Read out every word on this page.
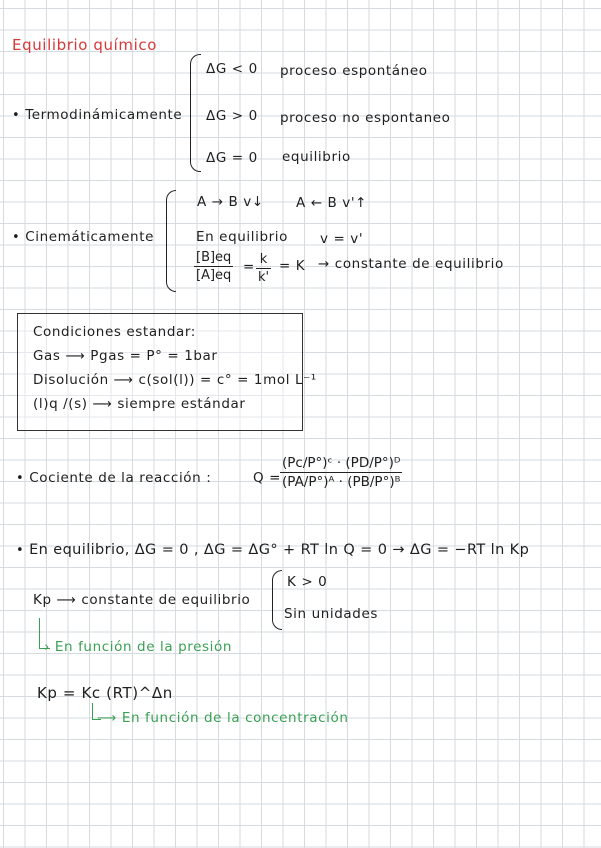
Equilibrio químico
• Termodinámicamente
ΔG < 0 proceso espontáneo
ΔG > 0 proceso no espontaneo
ΔG = 0 equilibrio
• Cinemáticamente
A → B v↓ A ← B v'↑
En equilibrio v = v'
$\frac{[B]eq}{[A]eq} = \frac{k}{k'} = K$ → constante de equilibrio
Condiciones estandar:
Gas ⟶ Pgas = P° = 1bar
Disolución ⟶ c(sol(l)) = c° = 1mol L⁻¹
(l)q /(s) ⟶ siempre estándar
• Cociente de la reacción :	Q =
$\frac{\text{(Pc/P°)ᶜ · (PD/P°)ᴰ}}{\text{(PA/P°)ᴬ · (PB/P°)ᴮ}}$
• En equilibrio, ΔG = 0 , ΔG = ΔG° + RT ln Q = 0 → ΔG = −RT ln Kp
Kp ⟶ constante de equilibrio
K > 0
Sin unidades
› En función de la presión
Kp = Kc (RT)^Δn
⟶ En función de la concentración
